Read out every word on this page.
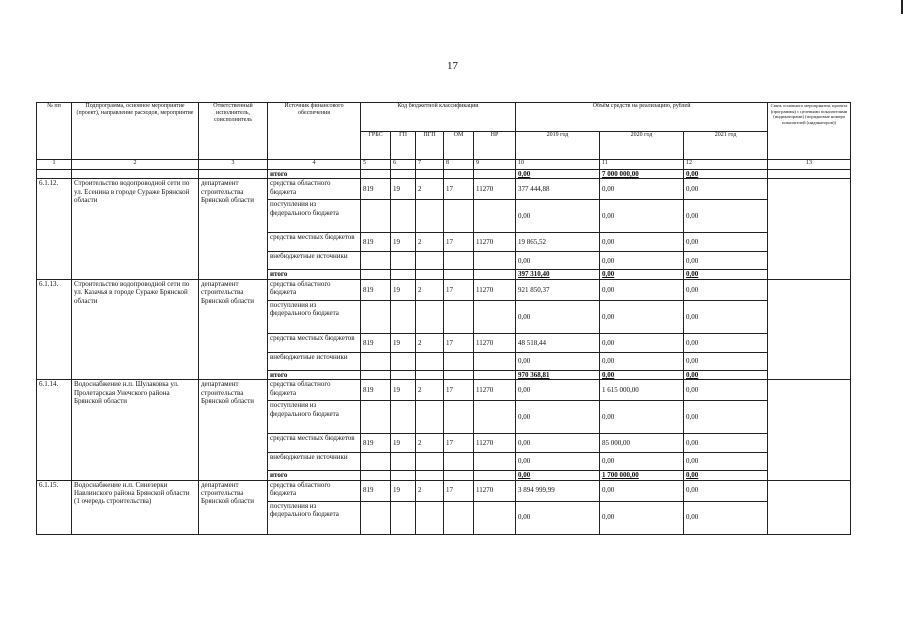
17
№ пп	Подпрограмма, основное мероприятие (проект), направление расходов, мероприятие	Ответственный исполнитель, соисполнитель	Источник финансового обеспечения	Код бюджетной классификации					Объём средств на реализацию, рублей			Связь основного мероприятия, проекта (программы) с целевыми показателями (индикаторами) (порядковые номера показателей (индикаторов))
				ГРБС	ГП	ПГП	ОМ	НР	2019 год	2020 год	2021 год	
1	2	3	4	5	6	7	8	9	10	11	12	13
			итого						0,00	7 000 000,00	0,00	
6.1.12.	Строительство водопроводной сети по ул. Есенина в городе Сураже Брянской области	департамент строительства Брянской области	средства областного бюджета	819	19	2	17	11270	377 444,88	0,00	0,00	
			поступления из федерального бюджета						0,00	0,00	0,00	
			средства местных бюджетов	819	19	2	17	11270	19 865,52	0,00	0,00	
			внебюджетные источники						0,00	0,00	0,00	
			итого						397 310,40	0,00	0,00	
6.1.13.	Строительство водопроводной сети по ул. Казачья в городе Сураже Брянской области	департамент строительства Брянской области	средства областного бюджета	819	19	2	17	11270	921 850,37	0,00	0,00	
			поступления из федерального бюджета						0,00	0,00	0,00	
			средства местных бюджетов	819	19	2	17	11270	48 518,44	0,00	0,00	
			внебюджетные источники						0,00	0,00	0,00	
			итого						970 368,81	0,00	0,00	
6.1.14.	Водоснабжение н.п. Шулаковка ул. Пролетарская Унечского района Брянской области	департамент строительства Брянской области	средства областного бюджета	819	19	2	17	11270	0,00	1 615 000,00	0,00	
			поступления из федерального бюджета						0,00	0,00	0,00	
			средства местных бюджетов	819	19	2	17	11270	0,00	85 000,00	0,00	
			внебюджетные источники						0,00	0,00	0,00	
			итого						0,00	1 700 000,00	0,00	
6.1.15.	Водоснабжение н.п. Синезерки Навлинского района Брянской области (1 очередь строительства)	департамент строительства Брянской области	средства областного бюджета	819	19	2	17	11270	3 894 999,99	0,00	0,00	
			поступления из федерального бюджета						0,00	0,00	0,00	
